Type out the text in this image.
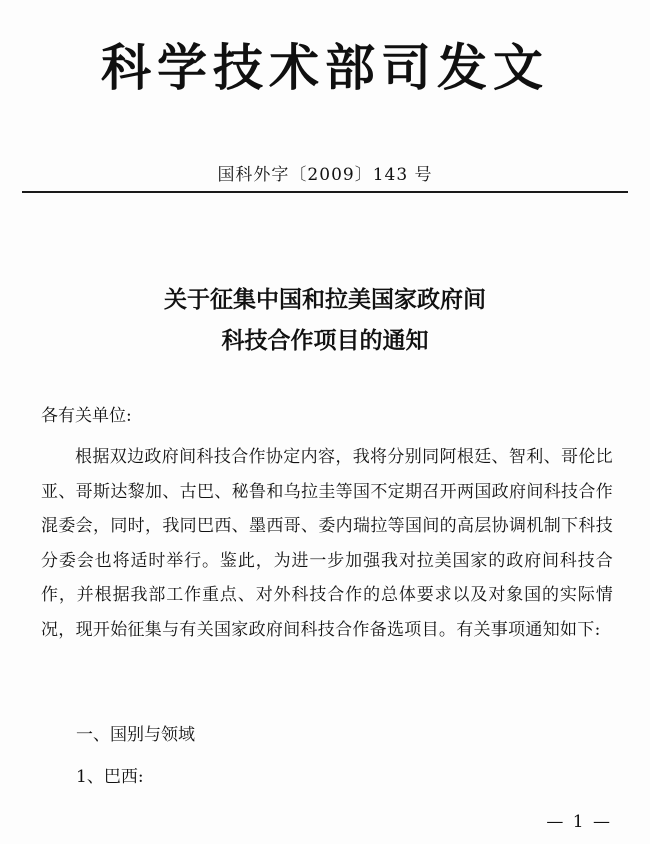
科学技术部司发文
国科外字〔2009〕143 号
关于征集中国和拉美国家政府间
科技合作项目的通知
各有关单位:
根据双边政府间科技合作协定内容，我将分别同阿根廷、智利、哥伦比亚、哥斯达黎加、古巴、秘鲁和乌拉圭等国不定期召开两国政府间科技合作混委会，同时，我同巴西、墨西哥、委内瑞拉等国间的高层协调机制下科技分委会也将适时举行。鉴此，为进一步加强我对拉美国家的政府间科技合作，并根据我部工作重点、对外科技合作的总体要求以及对象国的实际情况，现开始征集与有关国家政府间科技合作备选项目。有关事项通知如下:
一、国别与领域
1、巴西:
— 1 —
